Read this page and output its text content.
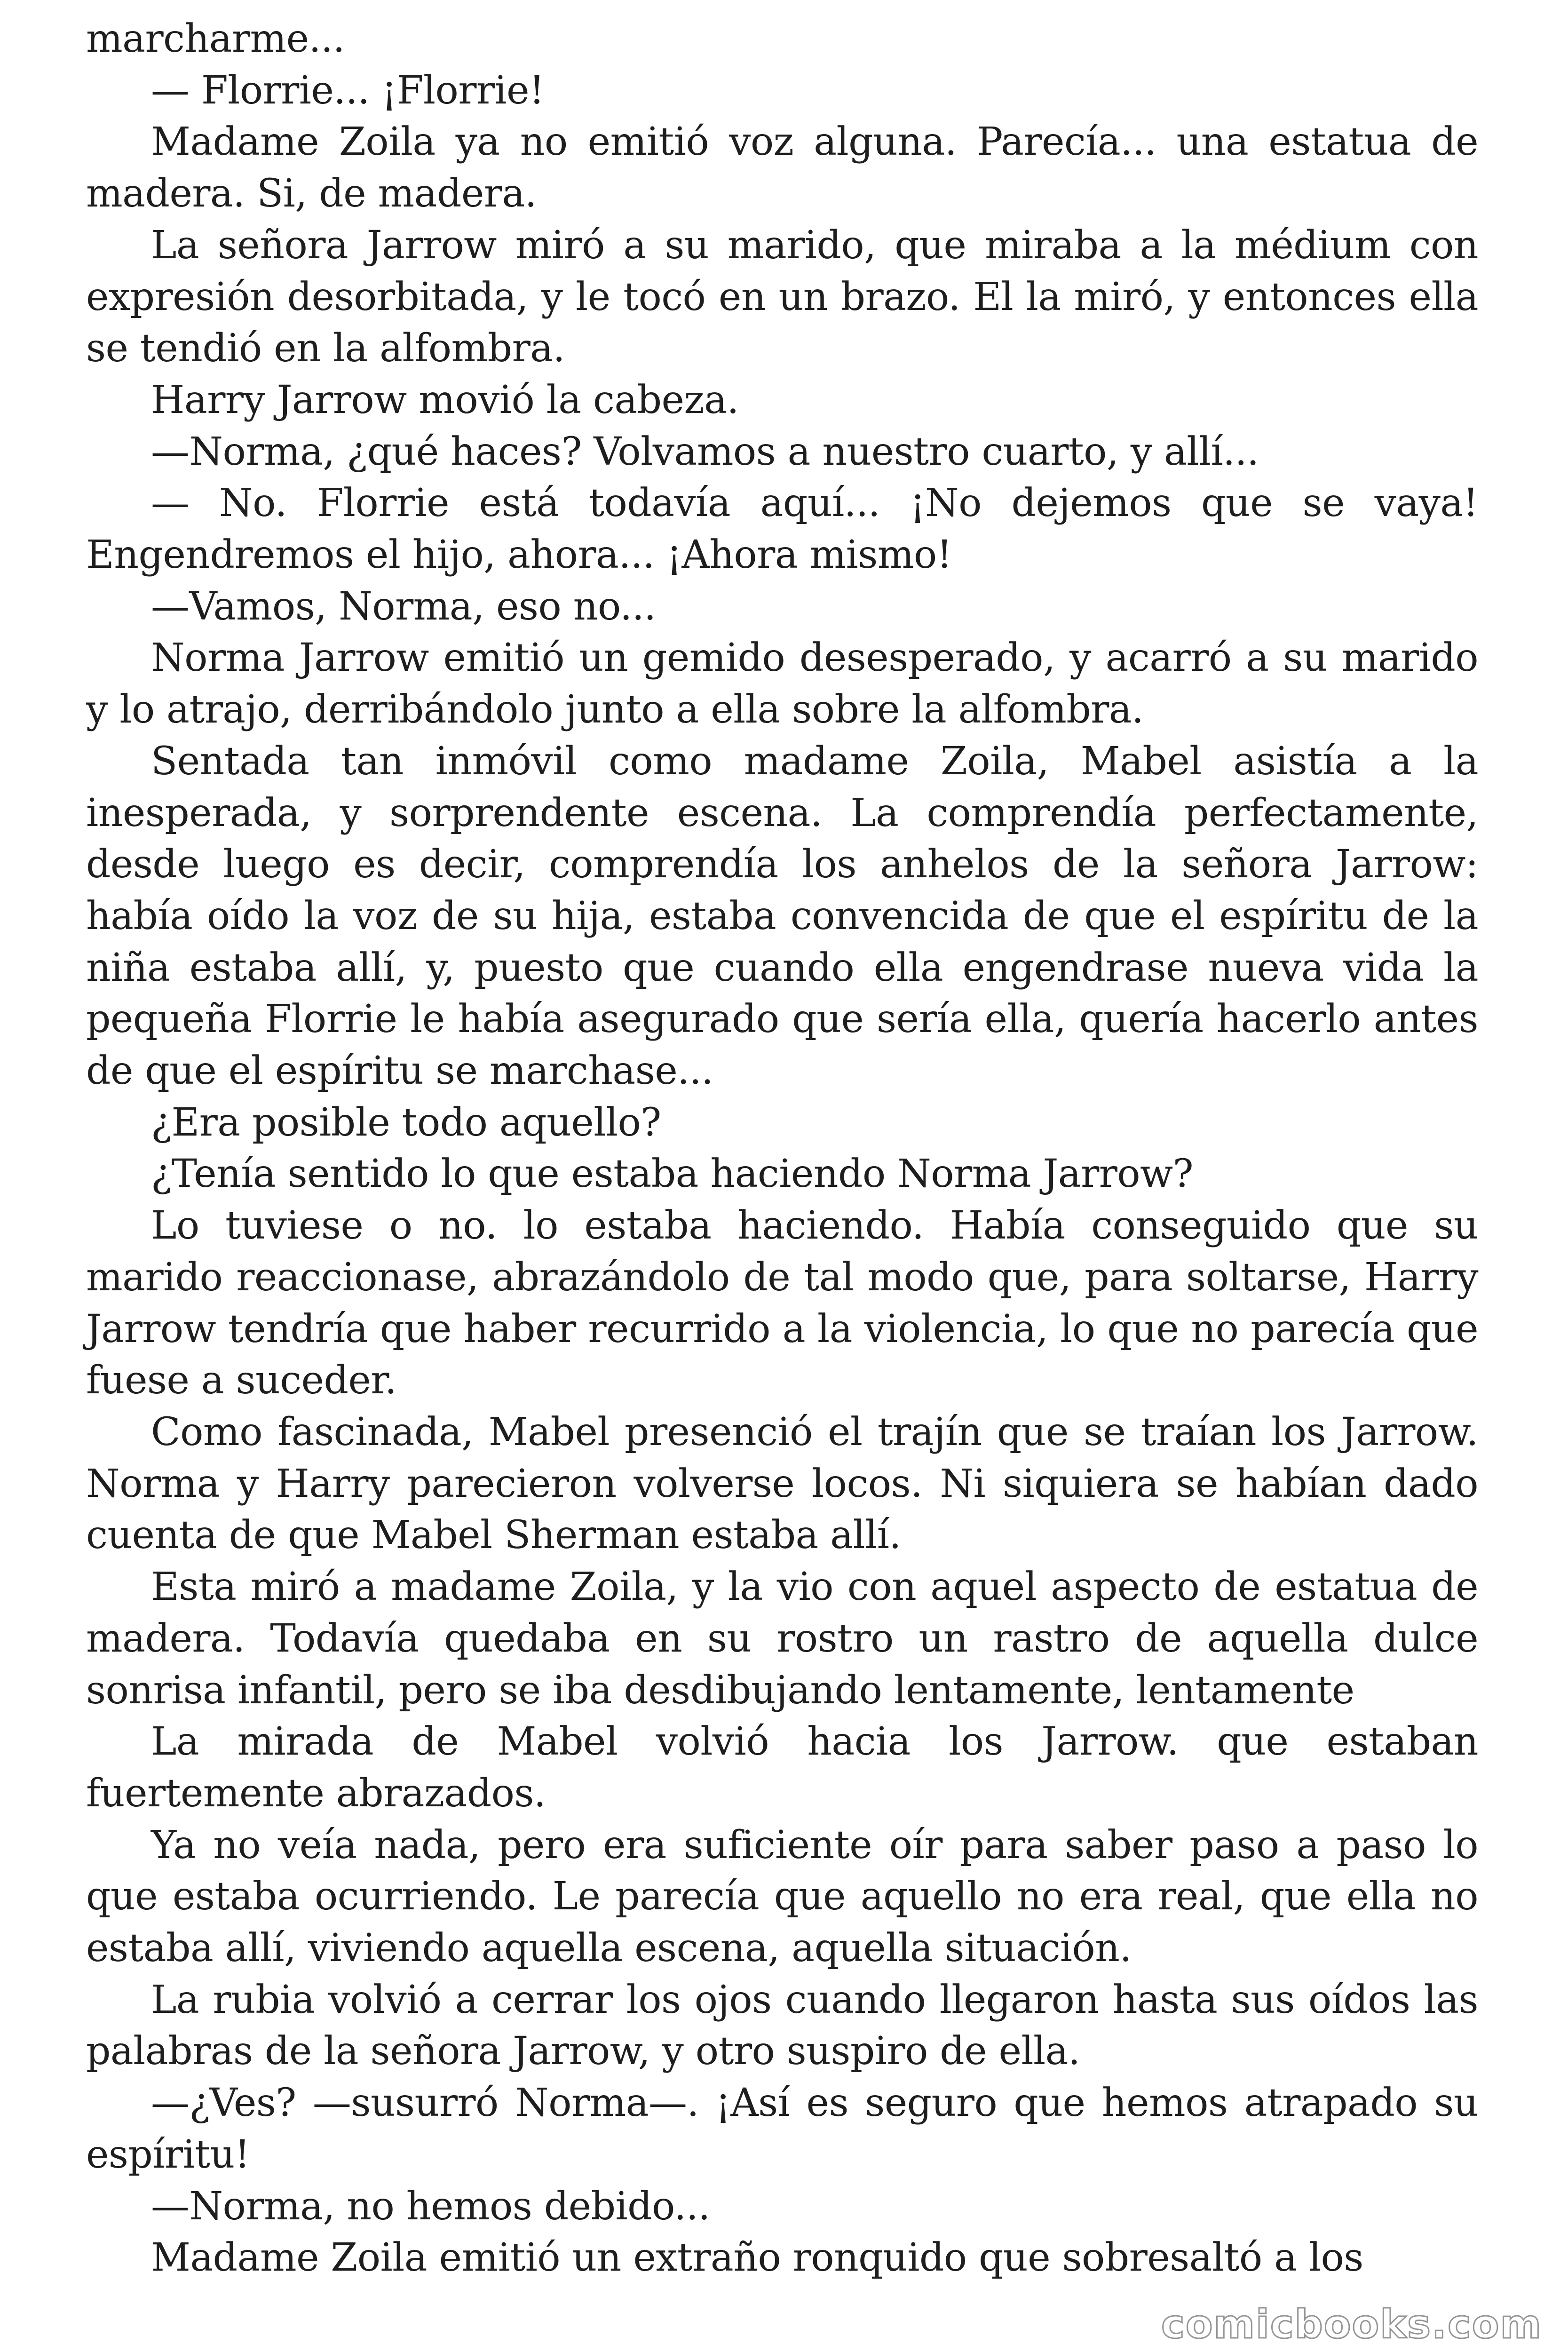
marcharme...

— Florrie... ¡Florrie!

Madame Zoila ya no emitió voz alguna. Parecía... una estatua de madera. Si, de madera.

La señora Jarrow miró a su marido, que miraba a la médium con expresión desorbitada, y le tocó en un brazo. El la miró, y entonces ella se tendió en la alfombra.

Harry Jarrow movió la cabeza.

—Norma, ¿qué haces? Volvamos a nuestro cuarto, y allí...

— No. Florrie está todavía aquí... ¡No dejemos que se vaya! Engendremos el hijo, ahora... ¡Ahora mismo!

—Vamos, Norma, eso no...

Norma Jarrow emitió un gemido desesperado, y acarró a su marido y lo atrajo, derribándolo junto a ella sobre la alfombra.

Sentada tan inmóvil como madame Zoila, Mabel asistía a la inesperada, y sorprendente escena. La comprendía perfectamente, desde luego es decir, comprendía los anhelos de la señora Jarrow: había oído la voz de su hija, estaba convencida de que el espíritu de la niña estaba allí, y, puesto que cuando ella engendrase nueva vida la pequeña Florrie le había asegurado que sería ella, quería hacerlo antes de que el espíritu se marchase...

¿Era posible todo aquello?

¿Tenía sentido lo que estaba haciendo Norma Jarrow?

Lo tuviese o no. lo estaba haciendo. Había conseguido que su marido reaccionase, abrazándolo de tal modo que, para soltarse, Harry Jarrow tendría que haber recurrido a la violencia, lo que no parecía que fuese a suceder.

Como fascinada, Mabel presenció el trajín que se traían los Jarrow. Norma y Harry parecieron volverse locos. Ni siquiera se habían dado cuenta de que Mabel Sherman estaba allí.

Esta miró a madame Zoila, y la vio con aquel aspecto de estatua de madera. Todavía quedaba en su rostro un rastro de aquella dulce sonrisa infantil, pero se iba desdibujando lentamente, lentamente

La mirada de Mabel volvió hacia los Jarrow. que estaban fuertemente abrazados.

Ya no veía nada, pero era suficiente oír para saber paso a paso lo que estaba ocurriendo. Le parecía que aquello no era real, que ella no estaba allí, viviendo aquella escena, aquella situación.

La rubia volvió a cerrar los ojos cuando llegaron hasta sus oídos las palabras de la señora Jarrow, y otro suspiro de ella.

—¿Ves? —susurró Norma—. ¡Así es seguro que hemos atrapado su espíritu!

—Norma, no hemos debido...

Madame Zoila emitió un extraño ronquido que sobresaltó a los

comicbooks.com
